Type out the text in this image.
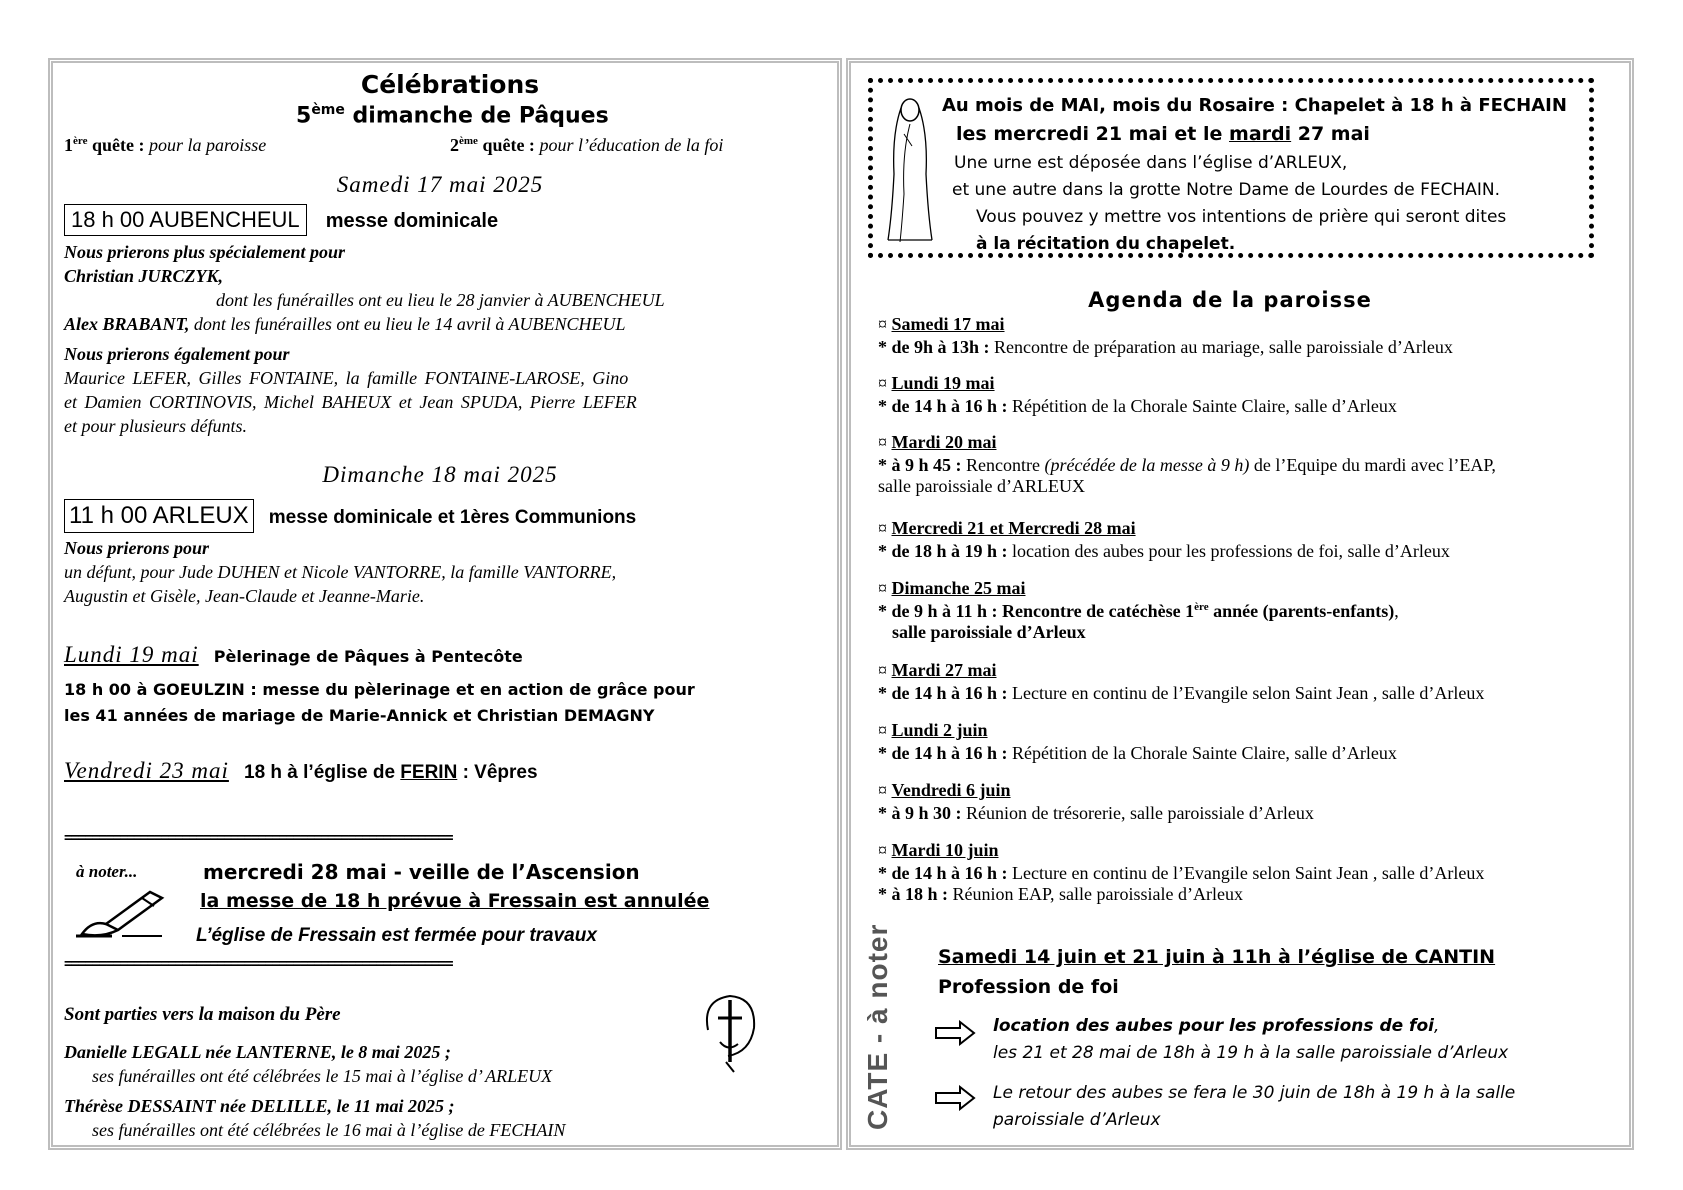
Célébrations
5ème dimanche de Pâques
1ère quête : pour la paroisse	2ème quête : pour l’éducation de la foi
Samedi 17 mai 2025
18 h 00 AUBENCHEUL messe dominicale
Nous prierons plus spécialement pour
Christian JURCZYK,
dont les funérailles ont eu lieu le 28 janvier à AUBENCHEUL
Alex BRABANT, dont les funérailles ont eu lieu le 14 avril à AUBENCHEUL
Nous prierons également pour
Maurice LEFER, Gilles FONTAINE, la famille FONTAINE-LAROSE, Gino
et Damien CORTINOVIS, Michel BAHEUX et Jean SPUDA, Pierre LEFER
et pour plusieurs défunts.
Dimanche 18 mai 2025
11 h 00 ARLEUX messe dominicale et 1ères Communions
Nous prierons pour
un défunt, pour Jude DUHEN et Nicole VANTORRE, la famille VANTORRE,
Augustin et Gisèle, Jean-Claude et Jeanne-Marie.
Lundi 19 mai Pèlerinage de Pâques à Pentecôte
18 h 00 à GOEULZIN : messe du pèlerinage et en action de grâce pour
les 41 années de mariage de Marie-Annick et Christian DEMAGNY
Vendredi 23 mai 18 h à l’église de FERIN : Vêpres
========================================================
à noter...	mercredi 28 mai - veille de l’Ascension
la messe de 18 h prévue à Fressain est annulée
L’église de Fressain est fermée pour travaux
========================================================
Sont parties vers la maison du Père
Danielle LEGALL née LANTERNE, le 8 mai 2025 ;
ses funérailles ont été célébrées le 15 mai à l’église d’ ARLEUX
Thérèse DESSAINT née DELILLE, le 11 mai 2025 ;
ses funérailles ont été célébrées le 16 mai à l’église de FECHAIN
Au mois de MAI, mois du Rosaire : Chapelet à 18 h à FECHAIN
les mercredi 21 mai et le mardi 27 mai
Une urne est déposée dans l’église d’ARLEUX,
et une autre dans la grotte Notre Dame de Lourdes de FECHAIN.
Vous pouvez y mettre vos intentions de prière qui seront dites
à la récitation du chapelet.
Agenda de la paroisse
¤ Samedi 17 mai
* de 9h à 13h : Rencontre de préparation au mariage, salle paroissiale d’Arleux
¤ Lundi 19 mai
* de 14 h à 16 h : Répétition de la Chorale Sainte Claire, salle d’Arleux
¤ Mardi 20 mai
* à 9 h 45 : Rencontre (précédée de la messe à 9 h) de l’Equipe du mardi avec l’EAP,
salle paroissiale d’ARLEUX
¤ Mercredi 21 et Mercredi 28 mai
* de 18 h à 19 h : location des aubes pour les professions de foi, salle d’Arleux
¤ Dimanche 25 mai
* de 9 h à 11 h : Rencontre de catéchèse 1ère année (parents-enfants),
salle paroissiale d’Arleux
¤ Mardi 27 mai
* de 14 h à 16 h : Lecture en continu de l’Evangile selon Saint Jean , salle d’Arleux
¤ Lundi 2 juin
* de 14 h à 16 h : Répétition de la Chorale Sainte Claire, salle d’Arleux
¤ Vendredi 6 juin
* à 9 h 30 : Réunion de trésorerie, salle paroissiale d’Arleux
¤ Mardi 10 juin
* de 14 h à 16 h : Lecture en continu de l’Evangile selon Saint Jean , salle d’Arleux
* à 18 h : Réunion EAP, salle paroissiale d’Arleux
CATE - à noter Samedi 14 juin et 21 juin à 11h à l’église de CANTIN
Profession de foi
location des aubes pour les professions de foi,
les 21 et 28 mai de 18h à 19 h à la salle paroissiale d’Arleux
Le retour des aubes se fera le 30 juin de 18h à 19 h à la salle
paroissiale d’Arleux
